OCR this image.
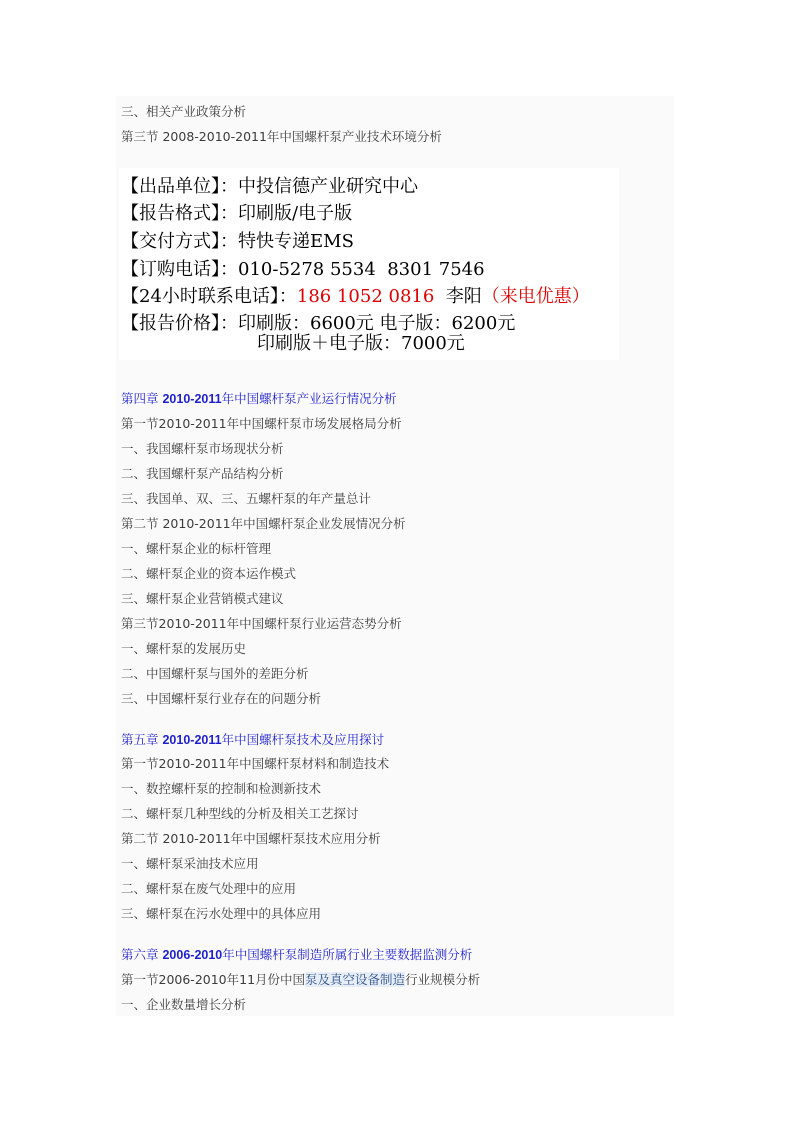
三、相关产业政策分析
第三节 2008-2010-2011年中国螺杆泵产业技术环境分析
【出品单位】：中投信德产业研究中心
【报告格式】：印刷版/电子版
【交付方式】：特快专递EMS
【订购电话】：010-5278 5534  8301 7546
【24小时联系电话】：186 1052 0816 李阳（来电优惠）
【报告价格】：印刷版：6600元 电子版：6200元
印刷版＋电子版：7000元
第四章 2010-2011年中国螺杆泵产业运行情况分析
第一节2010-2011年中国螺杆泵市场发展格局分析
一、我国螺杆泵市场现状分析
二、我国螺杆泵产品结构分析
三、我国单、双、三、五螺杆泵的年产量总计
第二节 2010-2011年中国螺杆泵企业发展情况分析
一、螺杆泵企业的标杆管理
二、螺杆泵企业的资本运作模式
三、螺杆泵企业营销模式建议
第三节2010-2011年中国螺杆泵行业运营态势分析
一、螺杆泵的发展历史
二、中国螺杆泵与国外的差距分析
三、中国螺杆泵行业存在的问题分析
第五章 2010-2011年中国螺杆泵技术及应用探讨
第一节2010-2011年中国螺杆泵材料和制造技术
一、数控螺杆泵的控制和检测新技术
二、螺杆泵几种型线的分析及相关工艺探讨
第二节 2010-2011年中国螺杆泵技术应用分析
一、螺杆泵采油技术应用
二、螺杆泵在废气处理中的应用
三、螺杆泵在污水处理中的具体应用
第六章 2006-2010年中国螺杆泵制造所属行业主要数据监测分析
第一节2006-2010年11月份中国泵及真空设备制造行业规模分析
一、企业数量增长分析
